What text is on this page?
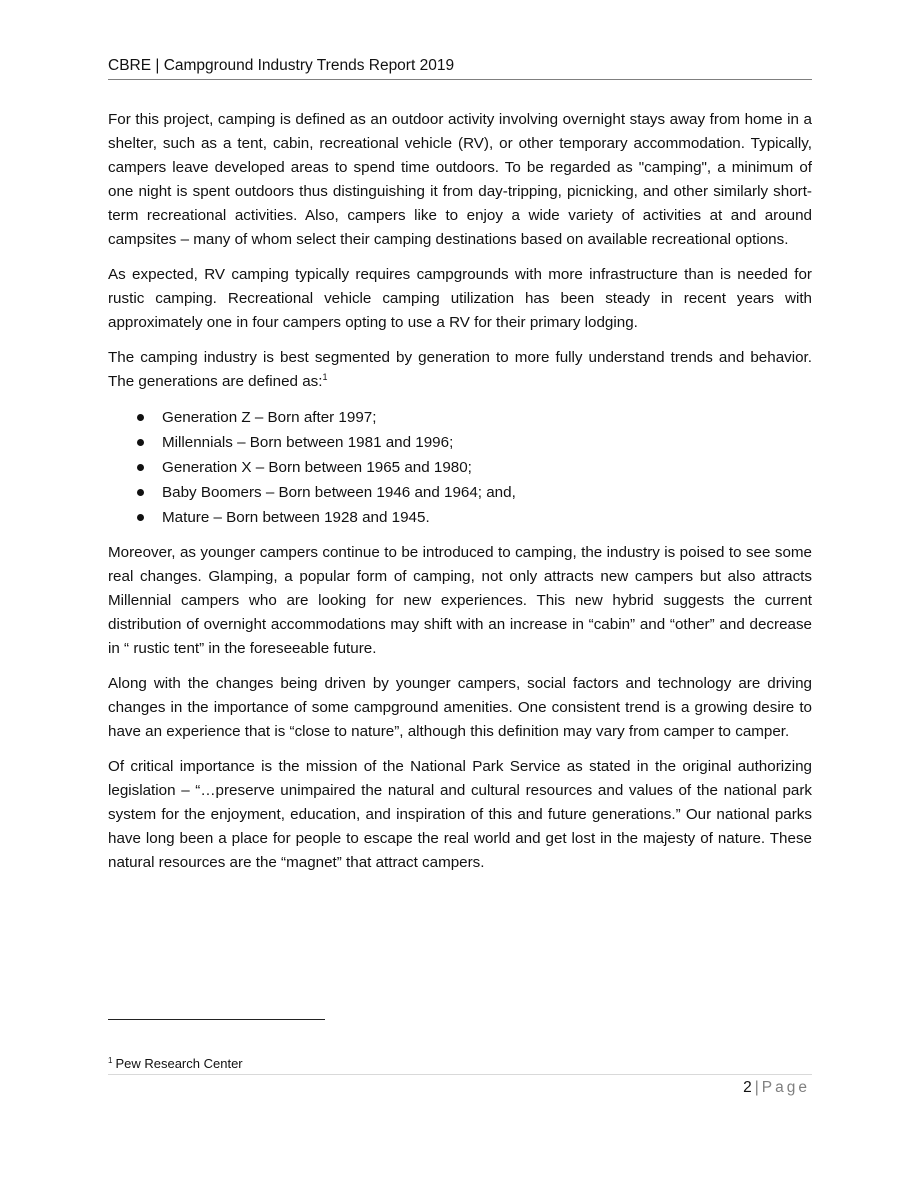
CBRE | Campground Industry Trends Report 2019

For this project, camping is defined as an outdoor activity involving overnight stays away from home in a shelter, such as a tent, cabin, recreational vehicle (RV), or other temporary accommodation. Typically, campers leave developed areas to spend time outdoors. To be regarded as "camping", a minimum of one night is spent outdoors thus distinguishing it from day-tripping, picnicking, and other similarly short-term recreational activities. Also, campers like to enjoy a wide variety of activities at and around campsites – many of whom select their camping destinations based on available recreational options.

As expected, RV camping typically requires campgrounds with more infrastructure than is needed for rustic camping. Recreational vehicle camping utilization has been steady in recent years with approximately one in four campers opting to use a RV for their primary lodging.

The camping industry is best segmented by generation to more fully understand trends and behavior. The generations are defined as:$^1$

Generation Z – Born after 1997;
Millennials – Born between 1981 and 1996;
Generation X – Born between 1965 and 1980;
Baby Boomers – Born between 1946 and 1964; and,
Mature – Born between 1928 and 1945.

Moreover, as younger campers continue to be introduced to camping, the industry is poised to see some real changes. Glamping, a popular form of camping, not only attracts new campers but also attracts Millennial campers who are looking for new experiences. This new hybrid suggests the current distribution of overnight accommodations may shift with an increase in “cabin” and “other” and decrease in “ rustic tent” in the foreseeable future.

Along with the changes being driven by younger campers, social factors and technology are driving changes in the importance of some campground amenities. One consistent trend is a growing desire to have an experience that is “close to nature”, although this definition may vary from camper to camper.

Of critical importance is the mission of the National Park Service as stated in the original authorizing legislation – “…preserve unimpaired the natural and cultural resources and values of the national park system for the enjoyment, education, and inspiration of this and future generations.” Our national parks have long been a place for people to escape the real world and get lost in the majesty of nature. These natural resources are the “magnet” that attract campers.

$^1$ Pew Research Center
2 | Page
